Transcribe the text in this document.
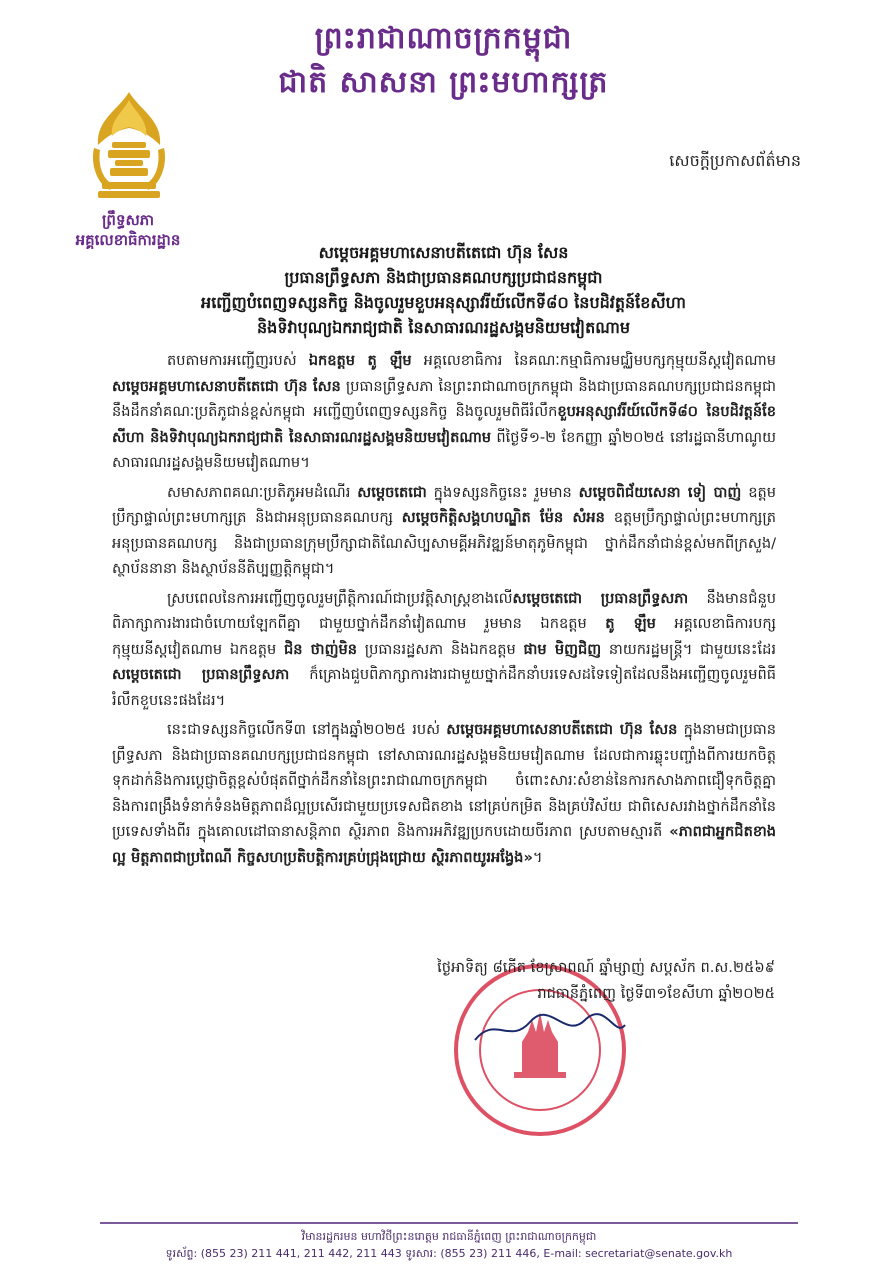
ព្រះរាជាណាចក្រកម្ពុជា
ជាតិ សាសនា ព្រះមហាក្សត្រ
ព្រឹទ្ធសភា
អគ្គលេខាធិការដ្ឋាន
សេចក្ដីប្រកាសព័ត៌មាន
សម្ដេចអគ្គមហាសេនាបតីតេជោ ហ៊ុន សែន
ប្រធានព្រឹទ្ធសភា និងជាប្រធានគណបក្សប្រជាជនកម្ពុជា
អញ្ជើញបំពេញទស្សនកិច្ច និងចូលរួមខួបអនុស្សាវរីយ៍លើកទី៨០ នៃបដិវត្តន៍ខែសីហា
និងទិវាបុណ្យឯករាជ្យជាតិ នៃសាធារណរដ្ឋសង្គមនិយមវៀតណាម

តបតាមការអញ្ជើញរបស់ ឯកឧត្តម តូ ឡឹម អគ្គលេខាធិការ នៃគណៈកម្មាធិការមជ្ឈិមបក្សកុម្មុយនីស្តវៀតណាម សម្ដេចអគ្គមហាសេនាបតីតេជោ ហ៊ុន សែន ប្រធានព្រឹទ្ធសភា នៃព្រះរាជាណាចក្រកម្ពុជា និងជាប្រធានគណបក្សប្រជាជនកម្ពុជា នឹងដឹកនាំគណៈប្រតិភូជាន់ខ្ពស់កម្ពុជា អញ្ជើញបំពេញទស្សនកិច្ច និងចូលរួមពិធីរំលឹកខួបអនុស្សាវរីយ៍លើកទី៨០ នៃបដិវត្តន៍ខែសីហា និងទិវាបុណ្យឯករាជ្យជាតិ នៃសាធារណរដ្ឋសង្គមនិយមវៀតណាម ពីថ្ងៃទី១-២ ខែកញ្ញា ឆ្នាំ២០២៥ នៅរដ្ឋធានីហាណូយ សាធារណរដ្ឋសង្គមនិយមវៀតណាម។

សមាសភាពគណៈប្រតិភូអមដំណើរ សម្ដេចតេជោ ក្នុងទស្សនកិច្ចនេះ រួមមាន សម្ដេចពិជ័យសេនា ទៀ បាញ់ ឧត្តមប្រឹក្សាផ្ទាល់ព្រះមហាក្សត្រ និងជាអនុប្រធានគណបក្ស សម្ដេចកិត្តិសង្គហបណ្ឌិត ម៉ែន សំអន ឧត្តមប្រឹក្សាផ្ទាល់ព្រះមហាក្សត្រ អនុប្រធានគណបក្ស និងជាប្រធានក្រុមប្រឹក្សាជាតិណែសិប្បសាមគ្គីអភិវឌ្ឍន៍មាតុភូមិកម្ពុជា ថ្នាក់ដឹកនាំជាន់ខ្ពស់មកពីក្រសួង/ស្ថាប័ននានា និងស្ថាប័ននីតិប្បញ្ញត្តិកម្ពុជា។

ស្របពេលនៃការអញ្ជើញចូលរួមព្រឹត្តិការណ៍ជាប្រវត្តិសាស្ត្រខាងលើសម្ដេចតេជោ ប្រធានព្រឹទ្ធសភា នឹងមានជំនួបពិភាក្សាការងារជាចំហោយឡែកពីគ្នា ជាមួយថ្នាក់ដឹកនាំវៀតណាម រួមមាន ឯកឧត្តម តូ ឡឹម អគ្គលេខាធិការបក្សកុម្មុយនីស្តវៀតណាម ឯកឧត្តម ជិន ថាញ់មិន ប្រធានរដ្ឋសភា និងឯកឧត្តម ផាម មិញជិញ នាយករដ្ឋមន្ត្រី។ ជាមួយនេះដែរ សម្ដេចតេជោ ប្រធានព្រឹទ្ធសភា ក៏គ្រោងជួបពិភាក្សាការងារជាមួយថ្នាក់ដឹកនាំបរទេសដទៃទៀតដែលនឹងអញ្ជើញចូលរួមពិធីរំលឹកខួបនេះផងដែរ។

នេះជាទស្សនកិច្ចលើកទី៣ នៅក្នុងឆ្នាំ២០២៥ របស់ សម្ដេចអគ្គមហាសេនាបតីតេជោ ហ៊ុន សែន ក្នុងនាមជាប្រធានព្រឹទ្ធសភា និងជាប្រធានគណបក្សប្រជាជនកម្ពុជា នៅសាធារណរដ្ឋសង្គមនិយមវៀតណាម ដែលជាការឆ្លុះបញ្ចាំងពីការយកចិត្តទុកដាក់និងការប្ដេជ្ញាចិត្តខ្ពស់បំផុតពីថ្នាក់ដឹកនាំនៃព្រះរាជាណាចក្រកម្ពុជា ចំពោះសារៈសំខាន់នៃការកសាងភាពជឿទុកចិត្តគ្នា និងការពង្រឹងទំនាក់ទំនងមិត្តភាពដ៏ល្អប្រសើរជាមួយប្រទេសជិតខាង នៅគ្រប់កម្រិត និងគ្រប់វិស័យ ជាពិសេសរវាងថ្នាក់ដឹកនាំនៃប្រទេសទាំងពីរ ក្នុងគោលដៅធានាសន្តិភាព ស្ថិរភាព និងការអភិវឌ្ឍប្រកបដោយចីរភាព ស្របតាមស្មារតី «ភាពជាអ្នកជិតខាងល្អ មិត្តភាពជាប្រពៃណី កិច្ចសហប្រតិបត្តិការគ្រប់ជ្រុងជ្រោយ ស្ថិរភាពយូរអង្វែង»។

ថ្ងៃអាទិត្យ ៨កើត ខែស្រាពណ៍ ឆ្នាំម្សាញ់ សប្តស័ក ព.ស.២៥៦៩
រាជធានីភ្នំពេញ ថ្ងៃទី៣១ខែសីហា ឆ្នាំ២០២៥
វិមានរដ្ឋករមន មហាវិថីព្រះនរោត្តម រាជធានីភ្នំពេញ ព្រះរាជាណាចក្រកម្ពុជា
ទូរស័ព្ទ: (855 23) 211 441, 211 442, 211 443 ទូរសារ: (855 23) 211 446, E-mail: secretariat@senate.gov.kh
